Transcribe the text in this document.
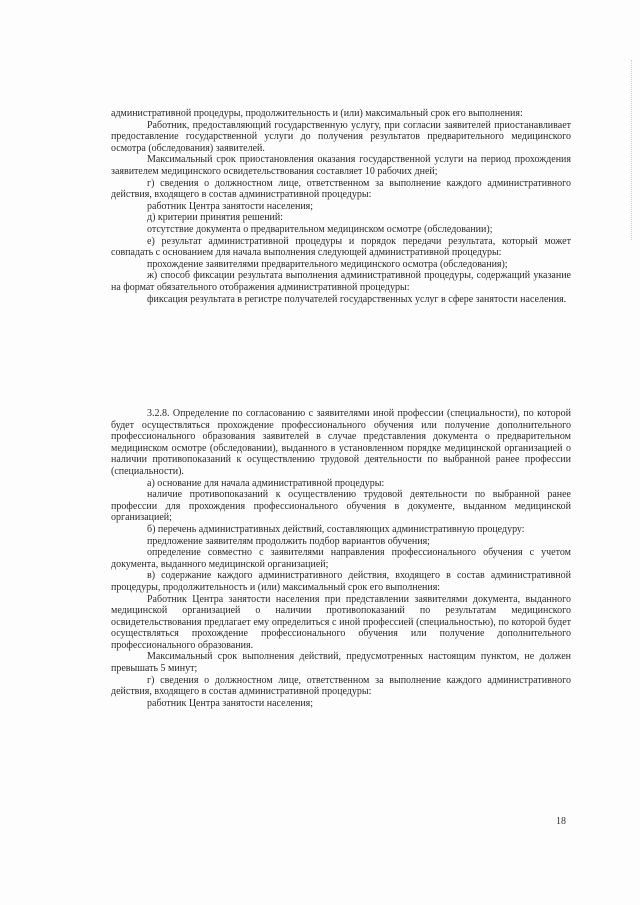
административной процедуры, продолжительность и (или) максимальный срок его выполнения:

Работник, предоставляющий государственную услугу, при согласии заявителей приостанавливает предоставление государственной услуги до получения результатов предварительного медицинского осмотра (обследования) заявителей.

Максимальный срок приостановления оказания государственной услуги на период прохождения заявителем медицинского освидетельствования составляет 10 рабочих дней;

г) сведения о должностном лице, ответственном за выполнение каждого административного действия, входящего в состав административной процедуры:

работник Центра занятости населения;

д) критерии принятия решений:

отсутствие документа о предварительном медицинском осмотре (обследовании);

е) результат административной процедуры и порядок передачи результата, который может совпадать с основанием для начала выполнения следующей административной процедуры:

прохождение заявителями предварительного медицинского осмотра (обследования);

ж) способ фиксации результата выполнения административной процедуры, содержащий указание на формат обязательного отображения административной процедуры:

фиксация результата в регистре получателей государственных услуг в сфере занятости населения.

3.2.8. Определение по согласованию с заявителями иной профессии (специальности), по которой будет осуществляться прохождение профессионального обучения или получение дополнительного профессионального образования заявителей в случае представления документа о предварительном медицинском осмотре (обследовании), выданного в установленном порядке медицинской организацией о наличии противопоказаний к осуществлению трудовой деятельности по выбранной ранее профессии (специальности).

а) основание для начала административной процедуры:

наличие противопоказаний к осуществлению трудовой деятельности по выбранной ранее профессии для прохождения профессионального обучения в документе, выданном медицинской организацией;

б) перечень административных действий, составляющих административную процедуру:

предложение заявителям продолжить подбор вариантов обучения;

определение совместно с заявителями направления профессионального обучения с учетом документа, выданного медицинской организацией;

в) содержание каждого административного действия, входящего в состав административной процедуры, продолжительность и (или) максимальный срок его выполнения:

Работник Центра занятости населения при представлении заявителями документа, выданного медицинской организацией о наличии противопоказаний по результатам медицинского освидетельствования предлагает ему определиться с иной профессией (специальностью), по которой будет осуществляться прохождение профессионального обучения или получение дополнительного профессионального образования.

Максимальный срок выполнения действий, предусмотренных настоящим пунктом, не должен превышать 5 минут;

г) сведения о должностном лице, ответственном за выполнение каждого административного действия, входящего в состав административной процедуры:

работник Центра занятости населения;

18
